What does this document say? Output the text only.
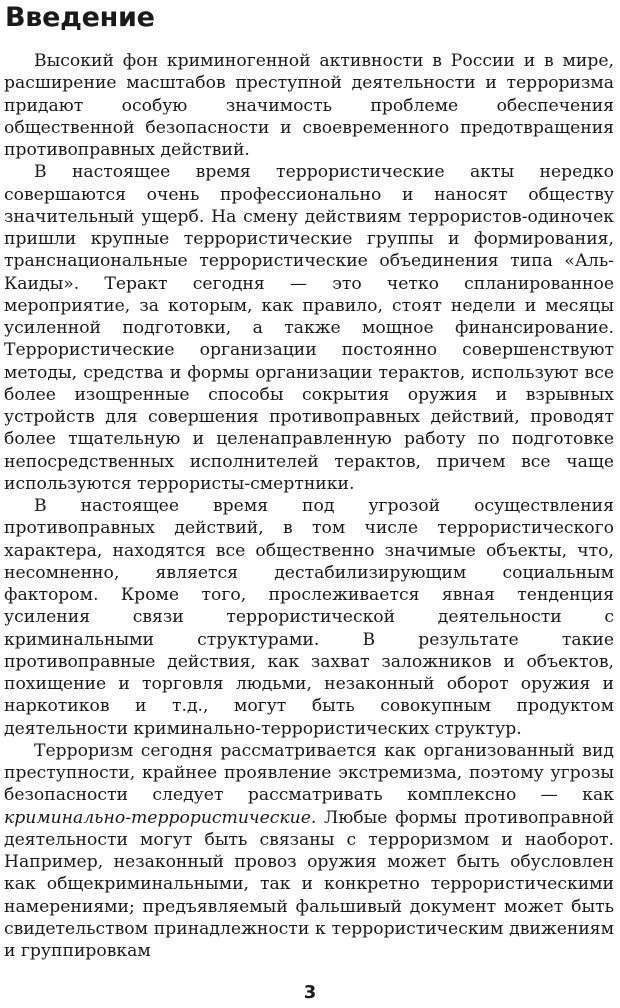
Введение

Высокий фон криминогенной активности в России и в мире, расширение масштабов преступной деятельности и терроризма придают особую значимость проблеме обеспечения общественной безопасности и своевременного предотвращения противоправных действий.

В настоящее время террористические акты нередко совершаются очень профессионально и наносят обществу значительный ущерб. На смену действиям террористов-одиночек пришли крупные террористические группы и формирования, транснациональные террористические объединения типа «Аль-Каиды». Теракт сегодня — это четко спланированное мероприятие, за которым, как правило, стоят недели и месяцы усиленной подготовки, а также мощное финансирование. Террористические организации постоянно совершенствуют методы, средства и формы организации терактов, используют все более изощренные способы сокрытия оружия и взрывных устройств для совершения противоправных действий, проводят более тщательную и целенаправленную работу по подготовке непосредственных исполнителей терактов, причем все чаще используются террористы-смертники.

В настоящее время под угрозой осуществления противоправных действий, в том числе террористического характера, находятся все общественно значимые объекты, что, несомненно, является дестабилизирующим социальным фактором. Кроме того, прослеживается явная тенденция усиления связи террористической деятельности с криминальными структурами. В результате такие противоправные действия, как захват заложников и объектов, похищение и торговля людьми, незаконный оборот оружия и наркотиков и т.д., могут быть совокупным продуктом деятельности криминально-террористических структур.

Терроризм сегодня рассматривается как организованный вид преступности, крайнее проявление экстремизма, поэтому угрозы безопасности следует рассматривать комплексно — как криминально-террористические. Любые формы противоправной деятельности могут быть связаны с терроризмом и наоборот. Например, незаконный провоз оружия может быть обусловлен как общекриминальными, так и конкретно террористическими намерениями; предъявляемый фальшивый документ может быть свидетельством принадлежности к террористическим движениям и группировкам

3
